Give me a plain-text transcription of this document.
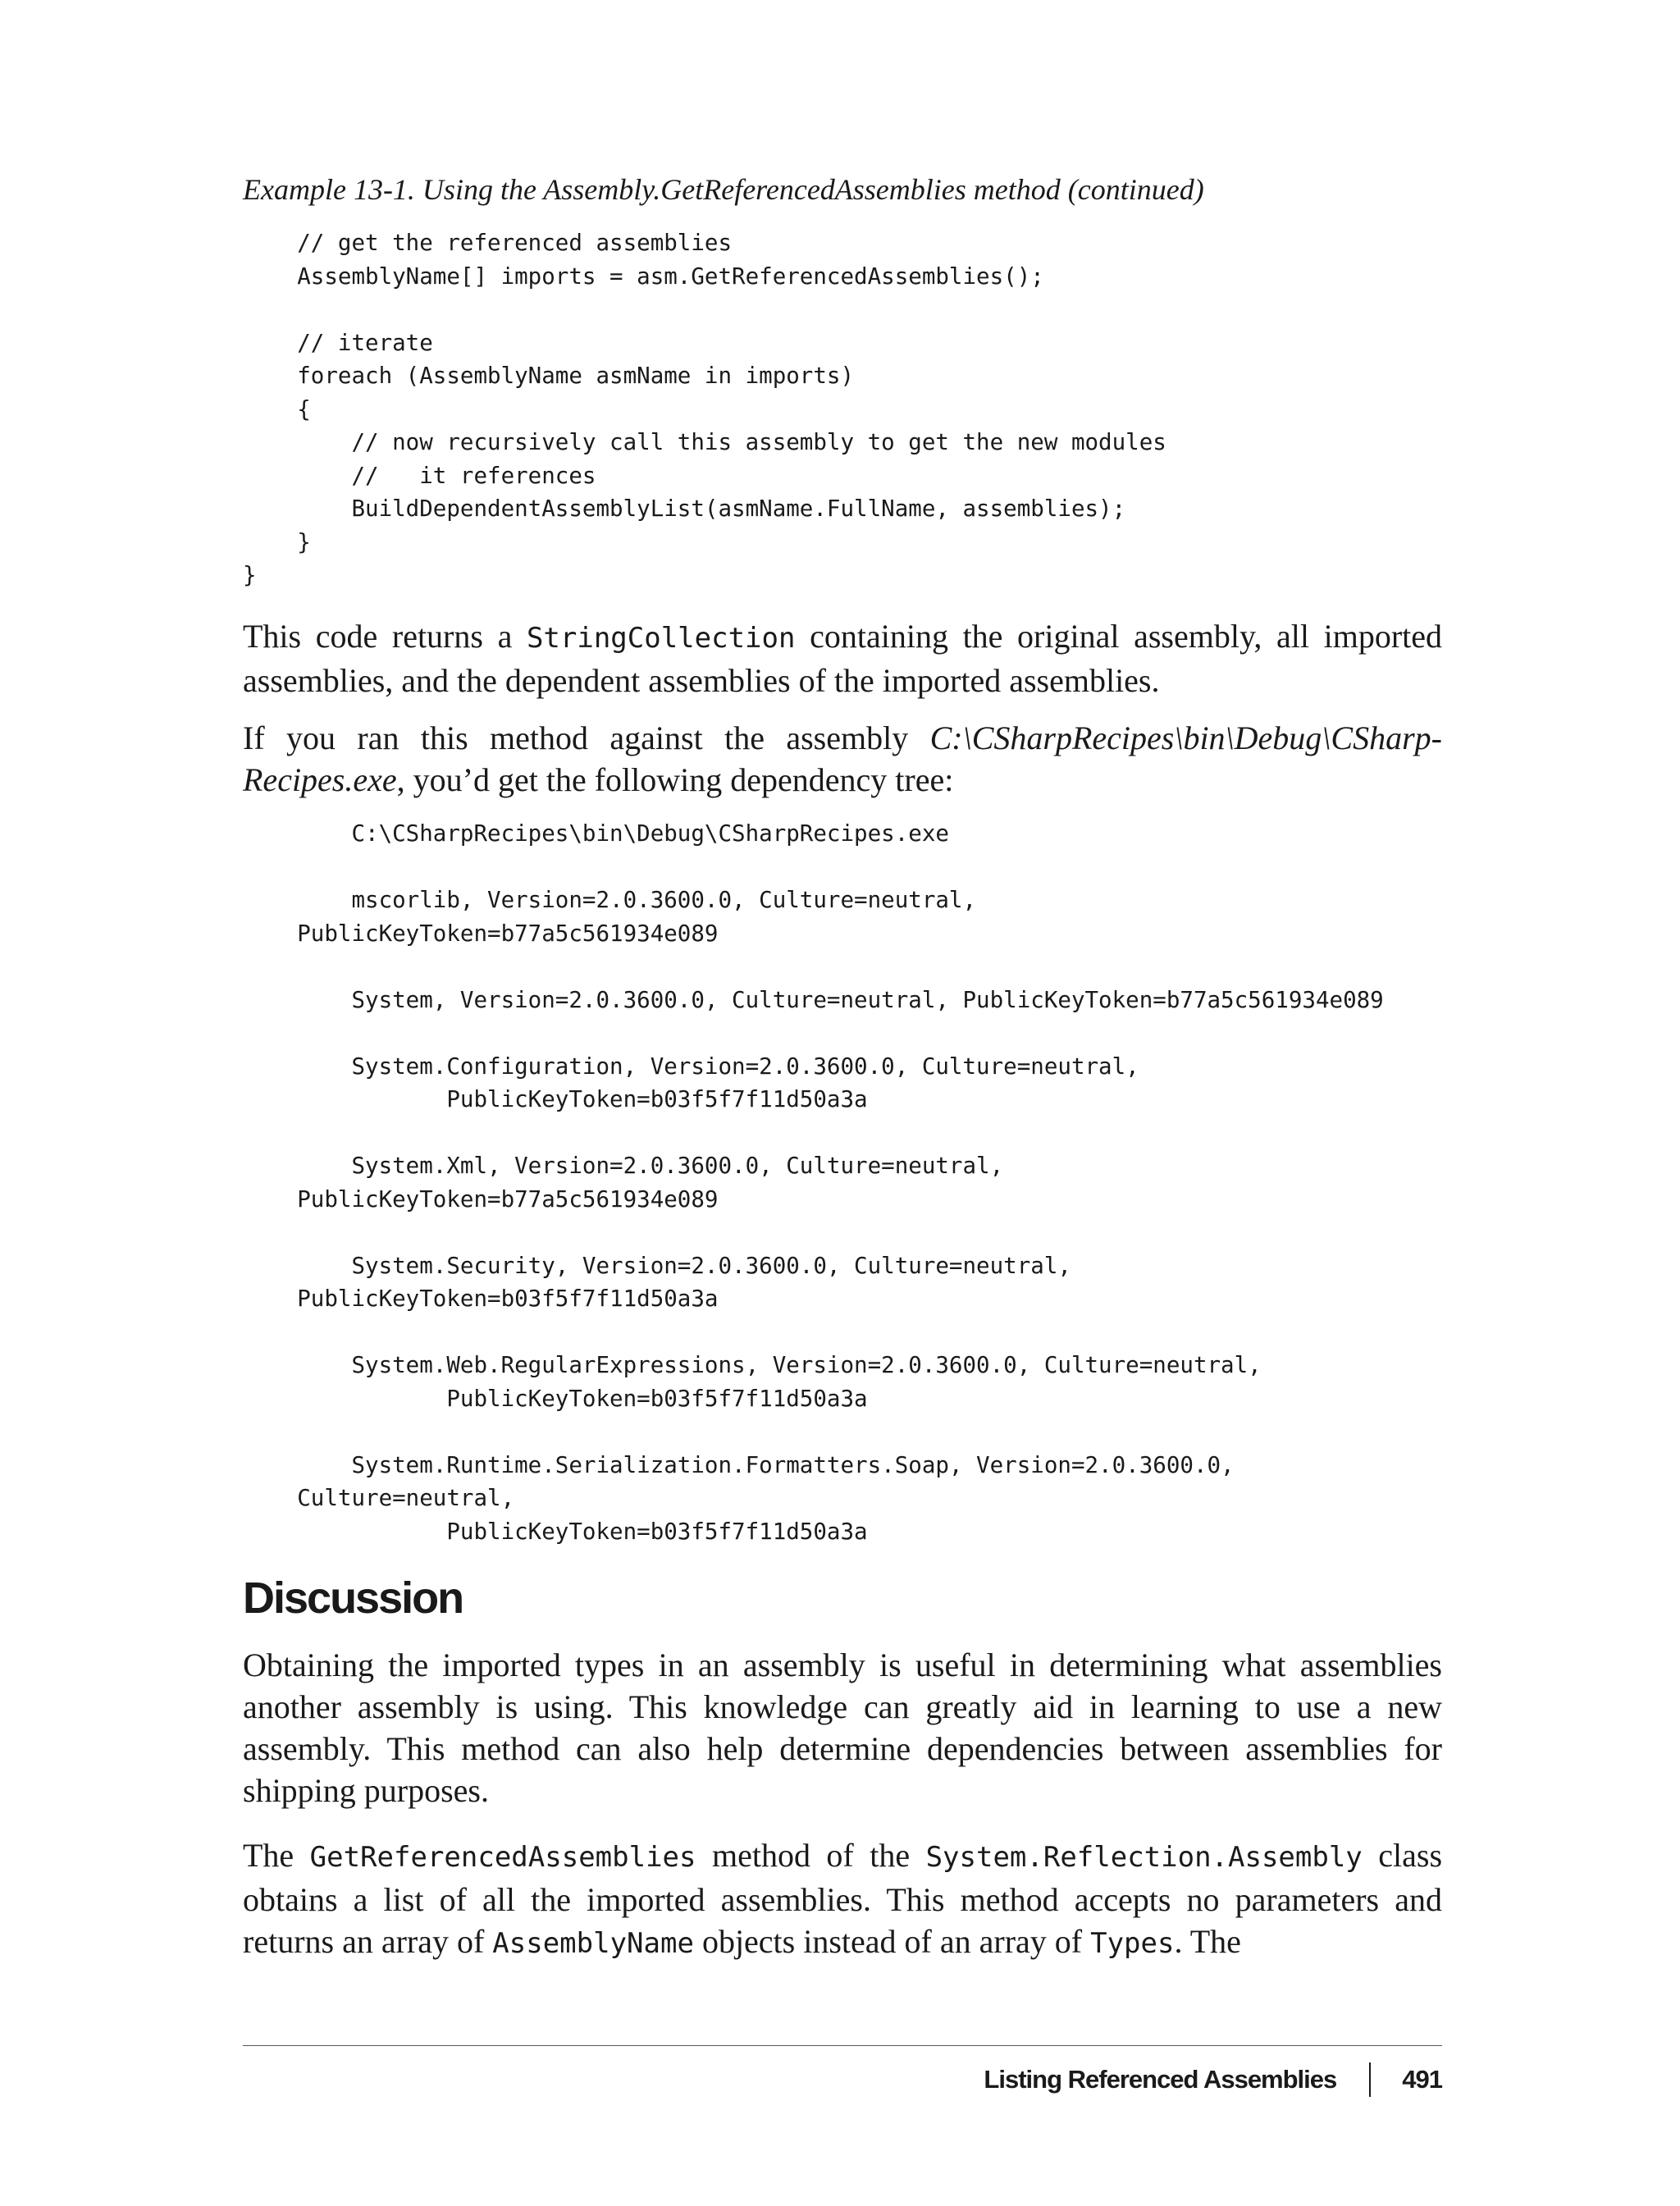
Example 13-1. Using the Assembly.GetReferencedAssemblies method (continued)
// get the referenced assemblies
AssemblyName[] imports = asm.GetReferencedAssemblies();

// iterate
foreach (AssemblyName asmName in imports)
{
// now recursively call this assembly to get the new modules
//   it references
BuildDependentAssemblyList(asmName.FullName, assemblies);
}
}

This code returns a StringCollection containing the original assembly, all imported assemblies, and the dependent assemblies of the imported assemblies.

If you ran this method against the assembly C:\CSharpRecipes\bin\Debug\CSharpRecipes.exe, you’d get the following dependency tree:

C:\CSharpRecipes\bin\Debug\CSharpRecipes.exe

mscorlib, Version=2.0.3600.0, Culture=neutral,
PublicKeyToken=b77a5c561934e089

System, Version=2.0.3600.0, Culture=neutral, PublicKeyToken=b77a5c561934e089

System.Configuration, Version=2.0.3600.0, Culture=neutral,
PublicKeyToken=b03f5f7f11d50a3a

System.Xml, Version=2.0.3600.0, Culture=neutral,
PublicKeyToken=b77a5c561934e089

System.Security, Version=2.0.3600.0, Culture=neutral,
PublicKeyToken=b03f5f7f11d50a3a

System.Web.RegularExpressions, Version=2.0.3600.0, Culture=neutral,
PublicKeyToken=b03f5f7f11d50a3a

System.Runtime.Serialization.Formatters.Soap, Version=2.0.3600.0,
Culture=neutral,
PublicKeyToken=b03f5f7f11d50a3a
Discussion

Obtaining the imported types in an assembly is useful in determining what assemblies another assembly is using. This knowledge can greatly aid in learning to use a new assembly. This method can also help determine dependencies between assemblies for shipping purposes.

The GetReferencedAssemblies method of the System.Reflection.Assembly class obtains a list of all the imported assemblies. This method accepts no parameters and returns an array of AssemblyName objects instead of an array of Types. The

Listing Referenced Assemblies	491
